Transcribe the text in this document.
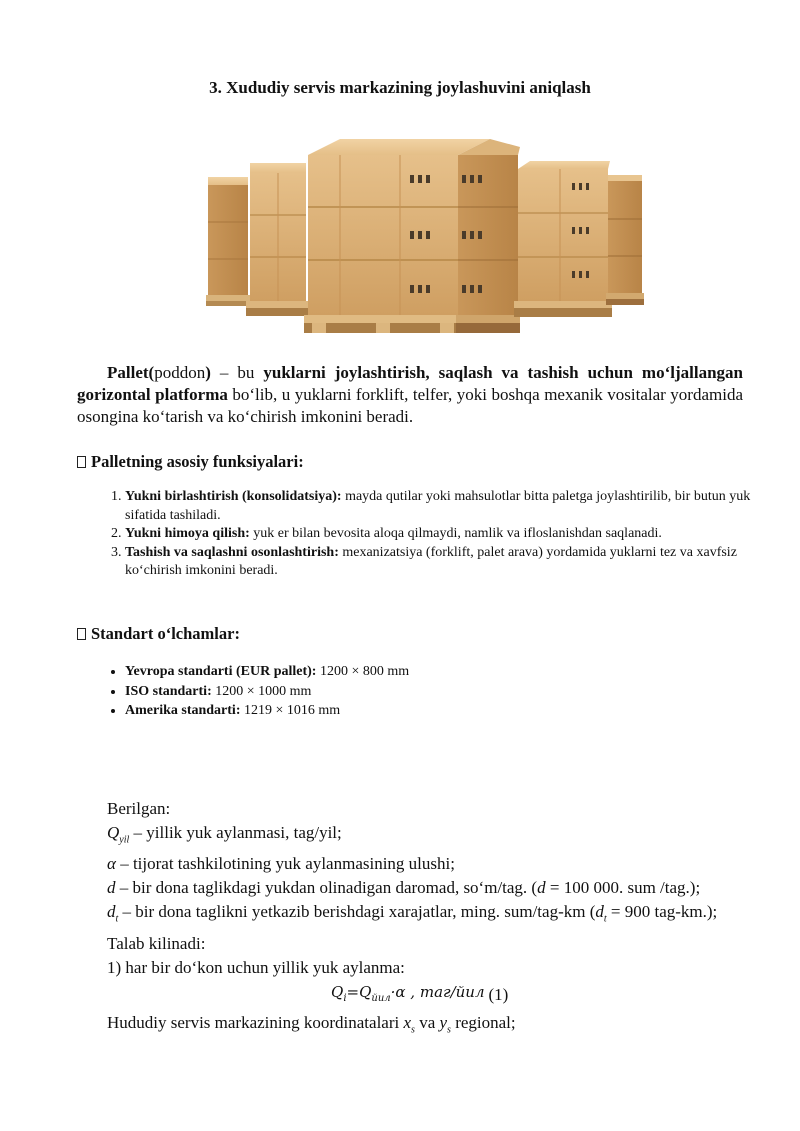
3. Xududiy servis markazining joylashuvini aniqlash
Pallet(poddon) – bu yuklarni joylashtirish, saqlash va tashish uchun mo‘ljallangan gorizontal platforma bo‘lib, u yuklarni forklift, telfer, yoki boshqa mexanik vositalar yordamida osongina ko‘tarish va ko‘chirish imkonini beradi.
Palletning asosiy funksiyalari:
1. Yukni birlashtirish (konsolidatsiya): mayda qutilar yoki mahsulotlar bitta paletga joylashtirilib, bir butun yuk sifatida tashiladi.
2. Yukni himoya qilish: yuk er bilan bevosita aloqa qilmaydi, namlik va ifloslanishdan saqlanadi.
3. Tashish va saqlashni osonlashtirish: mexanizatsiya (forklift, palet arava) yordamida yuklarni tez va xavfsiz ko‘chirish imkonini beradi.
Standart o‘lchamlar:
• Yevropa standarti (EUR pallet): 1200 × 800 mm
• ISO standarti: 1200 × 1000 mm
• Amerika standarti: 1219 × 1016 mm

Berilgan:

$Q_{yil}$ – yillik yuk aylanmasi, tag/yil;

α – tijorat tashkilotining yuk aylanmasining ulushi;

d – bir dona taglikdagi yukdan olinadigan daromad, so‘m/tag. (d = 100 000. sum /tag.);

$d_t$ – bir dona taglikni yetkazib berishdagi xarajatlar, ming. sum/tag-km ($d_t = 900$ tag-km.);

Talab kilinadi:

1) har bir do‘kon uchun yillik yuk aylanma:

$Q_i=Q_{йил}\cdot\alpha$ , таг/йил (1)

Hududiy servis markazining koordinatalari $x_s$ va $y_s$ regional;
